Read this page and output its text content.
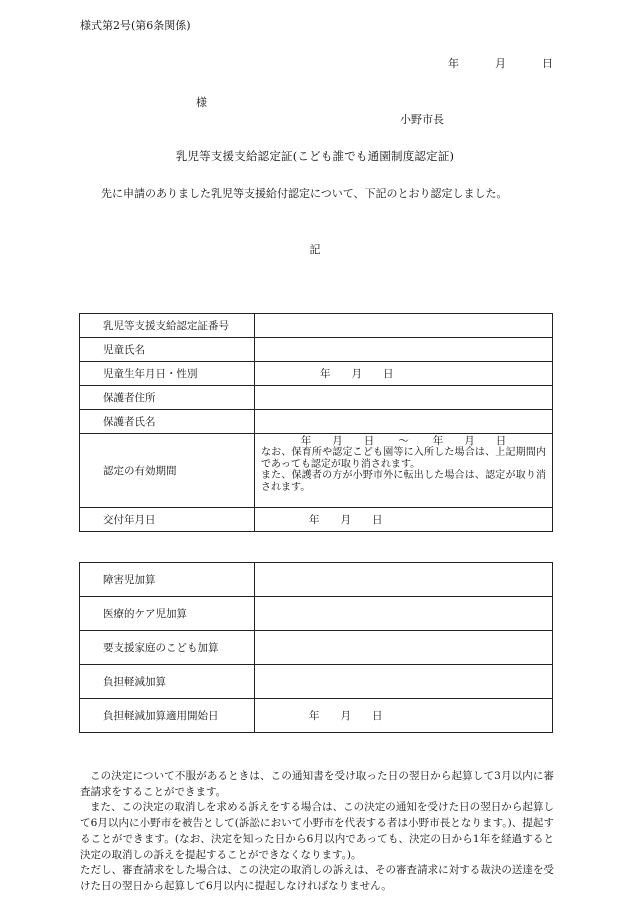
様式第2号(第6条関係)
年	月	日
様
小野市長
乳児等支援支給認定証(こども誰でも通園制度認定証)
先に申請のありました乳児等支援給付認定について、下記のとおり認定しました。
記
乳児等支援支給認定証番号	
児童氏名	
児童生年月日・性別	年　　月　　日
保護者住所	
保護者氏名	
認定の有効期間	年　　月　　日 ～ 年　　月　　日
なお、保育所や認定こども園等に入所した場合は、上記期間内であっても認定が取り消されます。
また、保護者の方が小野市外に転出した場合は、認定が取り消されます。

交付年月日	年　　月　　日
障害児加算	
医療的ケア児加算	
要支援家庭のこども加算	
負担軽減加算	
負担軽減加算適用開始日	年　　月　　日

この決定について不服があるときは、この通知書を受け取った日の翌日から起算して3月以内に審査請求をすることができます。

また、この決定の取消しを求める訴えをする場合は、この決定の通知を受けた日の翌日から起算して6月以内に小野市を被告として(訴訟において小野市を代表する者は小野市長となります。)、提起することができます。(なお、決定を知った日から6月以内であっても、決定の日から1年を経過すると決定の取消しの訴えを提起することができなくなります。)。

ただし、審査請求をした場合は、この決定の取消しの訴えは、その審査請求に対する裁決の送達を受けた日の翌日から起算して6月以内に提起しなければなりません。
